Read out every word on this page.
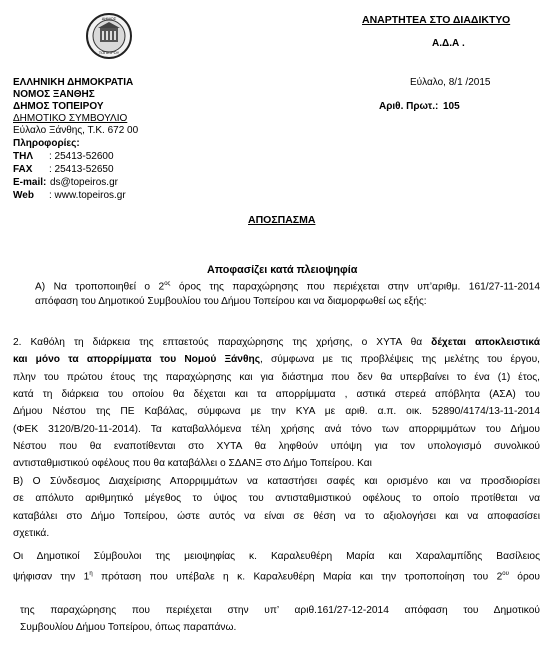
ΑΝΑΡΤΗΤΕΑ ΣΤΟ ΔΙΑΔΙΚΤΥΟ
Α.Δ.Α .
ΔΗΜΟΣ
ΤΟΠΕΙΡΟΥ
ΕΛΛΗΝΙΚΗ ΔΗΜΟΚΡΑΤΙΑ
ΝΟΜΟΣ ΞΑΝΘΗΣ
ΔΗΜΟΣ ΤΟΠΕΙΡΟΥ
ΔΗΜΟΤΙΚΟ ΣΥΜΒΟΥΛΙΟ
Εύλαλο Ξάνθης, Τ.Κ. 672 00
Πληροφορίες:
ΤΗΛ : 25413-52600
FAX : 25413-52650
E-mail: ds@topeiros.gr
Web : www.topeiros.gr
Εύλαλο, 8/1 /2015
Αριθ. Πρωτ.: 105
ΑΠΟΣΠΑΣΜΑ
Αποφασίζει κατά πλειοψηφία
Α) Να τροποποιηθεί ο $2^{o\varsigma}$ όρος της παραχώρησης που περιέχεται στην υπ’αριθμ. 161/27-11-2014
απόφαση του Δημοτικού Συμβουλίου του Δήμου Τοπείρου και να διαμορφωθεί ως εξής:
2. Καθόλη τη διάρκεια της επταετούς παραχώρησης της χρήσης, ο ΧΥΤΑ θα δέχεται αποκλειστικά
και μόνο τα απορρίμματα του Νομού Ξάνθης, σύμφωνα με τις προβλέψεις της μελέτης του έργου,
πλην του πρώτου έτους της παραχώρησης και για διάστημα που δεν θα υπερβαίνει το ένα (1) έτος,
κατά τη διάρκεια του οποίου θα δέχεται και τα απορρίμματα , αστικά στερεά απόβλητα (ΑΣΑ) του
Δήμου Νέστου της ΠΕ Καβάλας, σύμφωνα με την ΚΥΑ με αριθ. α.π. οικ. 52890/4174/13-11-2014
(ΦΕΚ 3120/Β/20-11-2014). Τα καταβαλλόμενα τέλη χρήσης ανά τόνο των απορριμμάτων του Δήμου
Νέστου που θα εναποτίθενται στο ΧΥΤΑ θα ληφθούν υπόψη για τον υπολογισμό συνολικού
αντισταθμιστικού οφέλους που θα καταβάλλει ο ΣΔΑΝΞ στο Δήμο Τοπείρου. Και
Β) Ο Σύνδεσμος Διαχείρισης Απορριμμάτων να καταστήσει σαφές και ορισμένο και να προσδιορίσει
σε απόλυτο αριθμητικό μέγεθος το ύψος του αντισταθμιστικού οφέλους το οποίο προτίθεται να
καταβάλει στο Δήμο Τοπείρου, ώστε αυτός να είναι σε θέση να το αξιολογήσει και να αποφασίσει
σχετικά.
Οι Δημοτικοί Σύμβουλοι της μειοψηφίας κ. Καραλευθέρη Μαρία και Χαραλαμπίδης Βασίλειος
ψήφισαν την $1^\eta$ πρόταση που υπέβαλε η κ. Καραλευθέρη Μαρία και την τροποποίηση του $2^{o\upsilon}$ όρου
της παραχώρησης που περιέχεται στην υπ’ αριθ.161/27-12-2014 απόφαση του Δημοτικού
Συμβουλίου Δήμου Τοπείρου, όπως παραπάνω.
